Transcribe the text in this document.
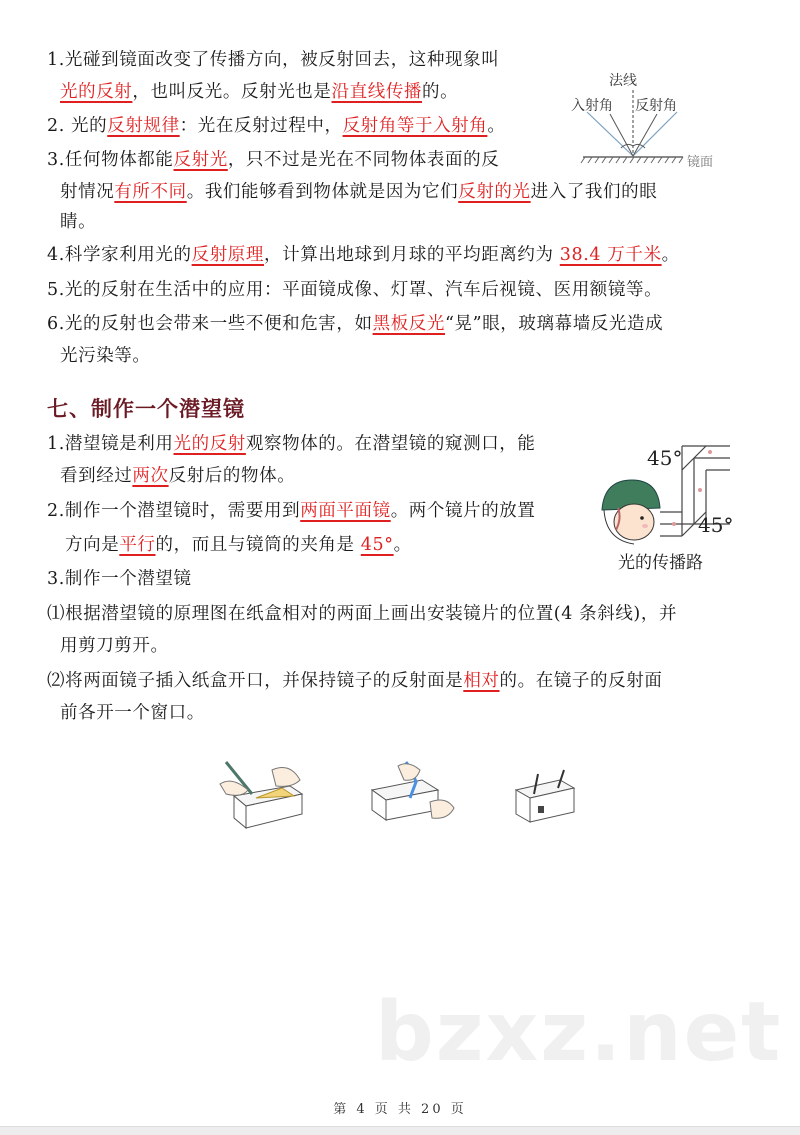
1.光碰到镜面改变了传播方向，被反射回去，这种现象叫
光的反射，也叫反光。反射光也是沿直线传播的。
2. 光的反射规律：光在反射过程中，反射角等于入射角。
3.任何物体都能反射光，只不过是光在不同物体表面的反
射情况有所不同。我们能够看到物体就是因为它们反射的光进入了我们的眼
睛。
4.科学家利用光的反射原理，计算出地球到月球的平均距离约为 38.4 万千米。
5.光的反射在生活中的应用：平面镜成像、灯罩、汽车后视镜、医用额镜等。
6.光的反射也会带来一些不便和危害，如黑板反光“晃”眼，玻璃幕墙反光造成
光污染等。
法线
入射角 反射角
镜面
七、制作一个潜望镜
1.潜望镜是利用光的反射观察物体的。在潜望镜的窥测口，能
看到经过两次反射后的物体。
2.制作一个潜望镜时，需要用到两面平面镜。两个镜片的放置
方向是平行的，而且与镜筒的夹角是 45°。
3.制作一个潜望镜
⑴根据潜望镜的原理图在纸盒相对的两面上画出安装镜片的位置(4 条斜线)，并
用剪刀剪开。
⑵将两面镜子插入纸盒开口，并保持镜子的反射面是相对的。在镜子的反射面
前各开一个窗口。
45°
45°
光的传播路
bzxz.net
第 4 页 共 20 页
